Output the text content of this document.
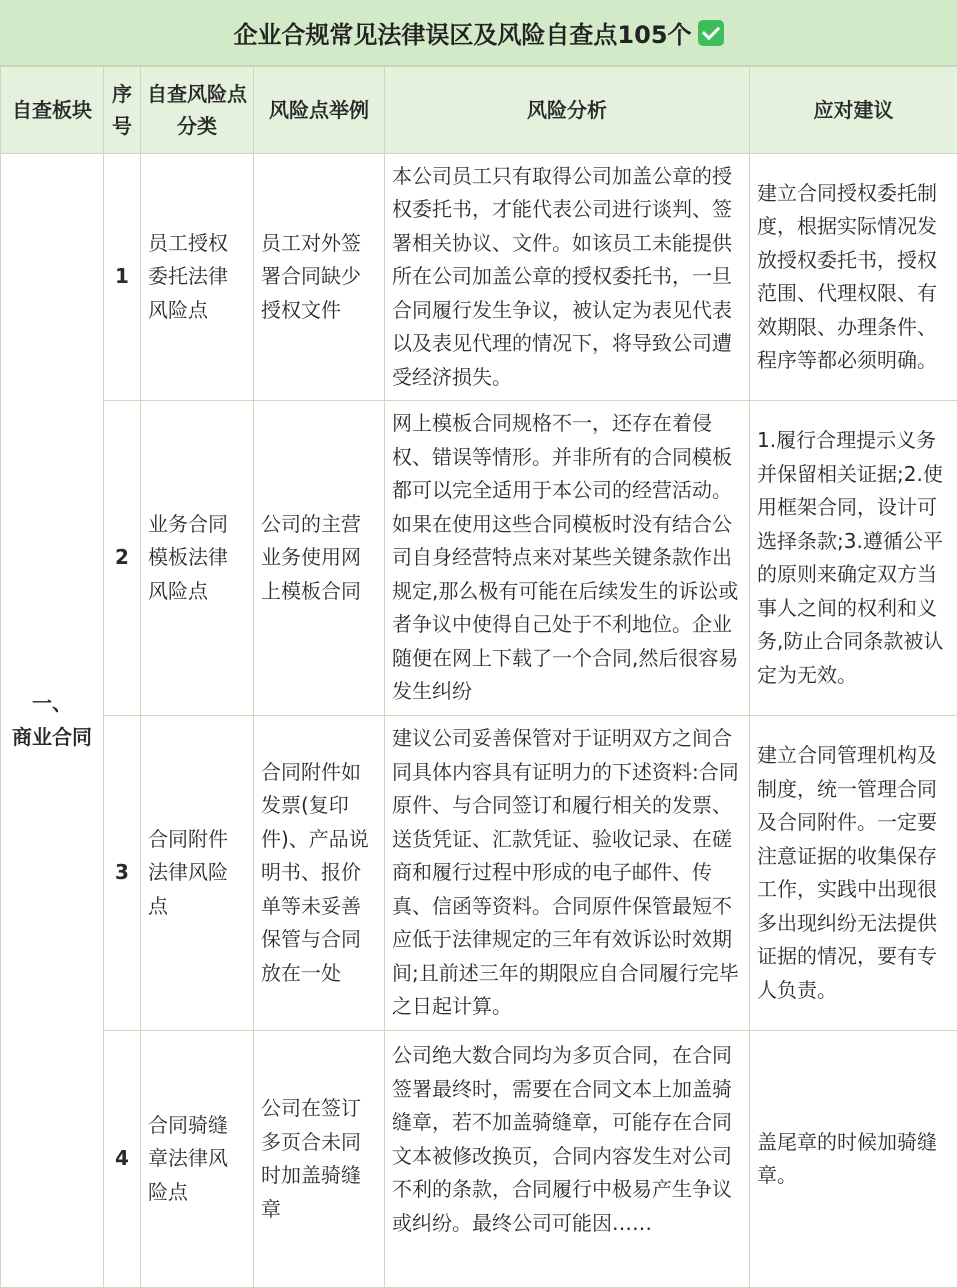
企业合规常见法律误区及风险自查点105个
自查板块	序号	自查风险点分类	风险点举例	风险分析	应对建议

一、
商业合同	1	员工授权委托法律风险点	员工对外签署合同缺少授权文件	本公司员工只有取得公司加盖公章的授权委托书，才能代表公司进行谈判、签署相关协议、文件。如该员工未能提供所在公司加盖公章的授权委托书，一旦合同履行发生争议，被认定为表见代表以及表见代理的情况下，将导致公司遭受经济损失。	建立合同授权委托制度，根据实际情况发放授权委托书，授权范围、代理权限、有效期限、办理条件、程序等都必须明确。
	2	业务合同模板法律风险点	公司的主营业务使用网上模板合同	网上模板合同规格不一，还存在着侵权、错误等情形。并非所有的合同模板都可以完全适用于本公司的经营活动。如果在使用这些合同模板时没有结合公司自身经营特点来对某些关键条款作出规定,那么极有可能在后续发生的诉讼或者争议中使得自己处于不利地位。企业随便在网上下载了一个合同,然后很容易发生纠纷	1.履行合理提示义务并保留相关证据;2.使用框架合同，设计可选择条款;3.遵循公平的原则来确定双方当事人之间的权利和义务,防止合同条款被认定为无效。
	3	合同附件法律风险点	合同附件如发票(复印件)、产品说明书、报价单等未妥善保管与合同放在一处	建议公司妥善保管对于证明双方之间合同具体内容具有证明力的下述资料:合同原件、与合同签订和履行相关的发票、送货凭证、汇款凭证、验收记录、在磋商和履行过程中形成的电子邮件、传真、信函等资料。合同原件保管最短不应低于法律规定的三年有效诉讼时效期间;且前述三年的期限应自合同履行完毕之日起计算。	建立合同管理机构及制度，统一管理合同及合同附件。一定要注意证据的收集保存工作，实践中出现很多出现纠纷无法提供证据的情况，要有专人负责。
	4	合同骑缝章法律风险点	公司在签订多页合未同时加盖骑缝章	公司绝大数合同均为多页合同，在合同签署最终时，需要在合同文本上加盖骑缝章，若不加盖骑缝章，可能存在合同文本被修改换页，合同内容发生对公司不利的条款，合同履行中极易产生争议或纠纷。最终公司可能因……	盖尾章的时候加骑缝章。
